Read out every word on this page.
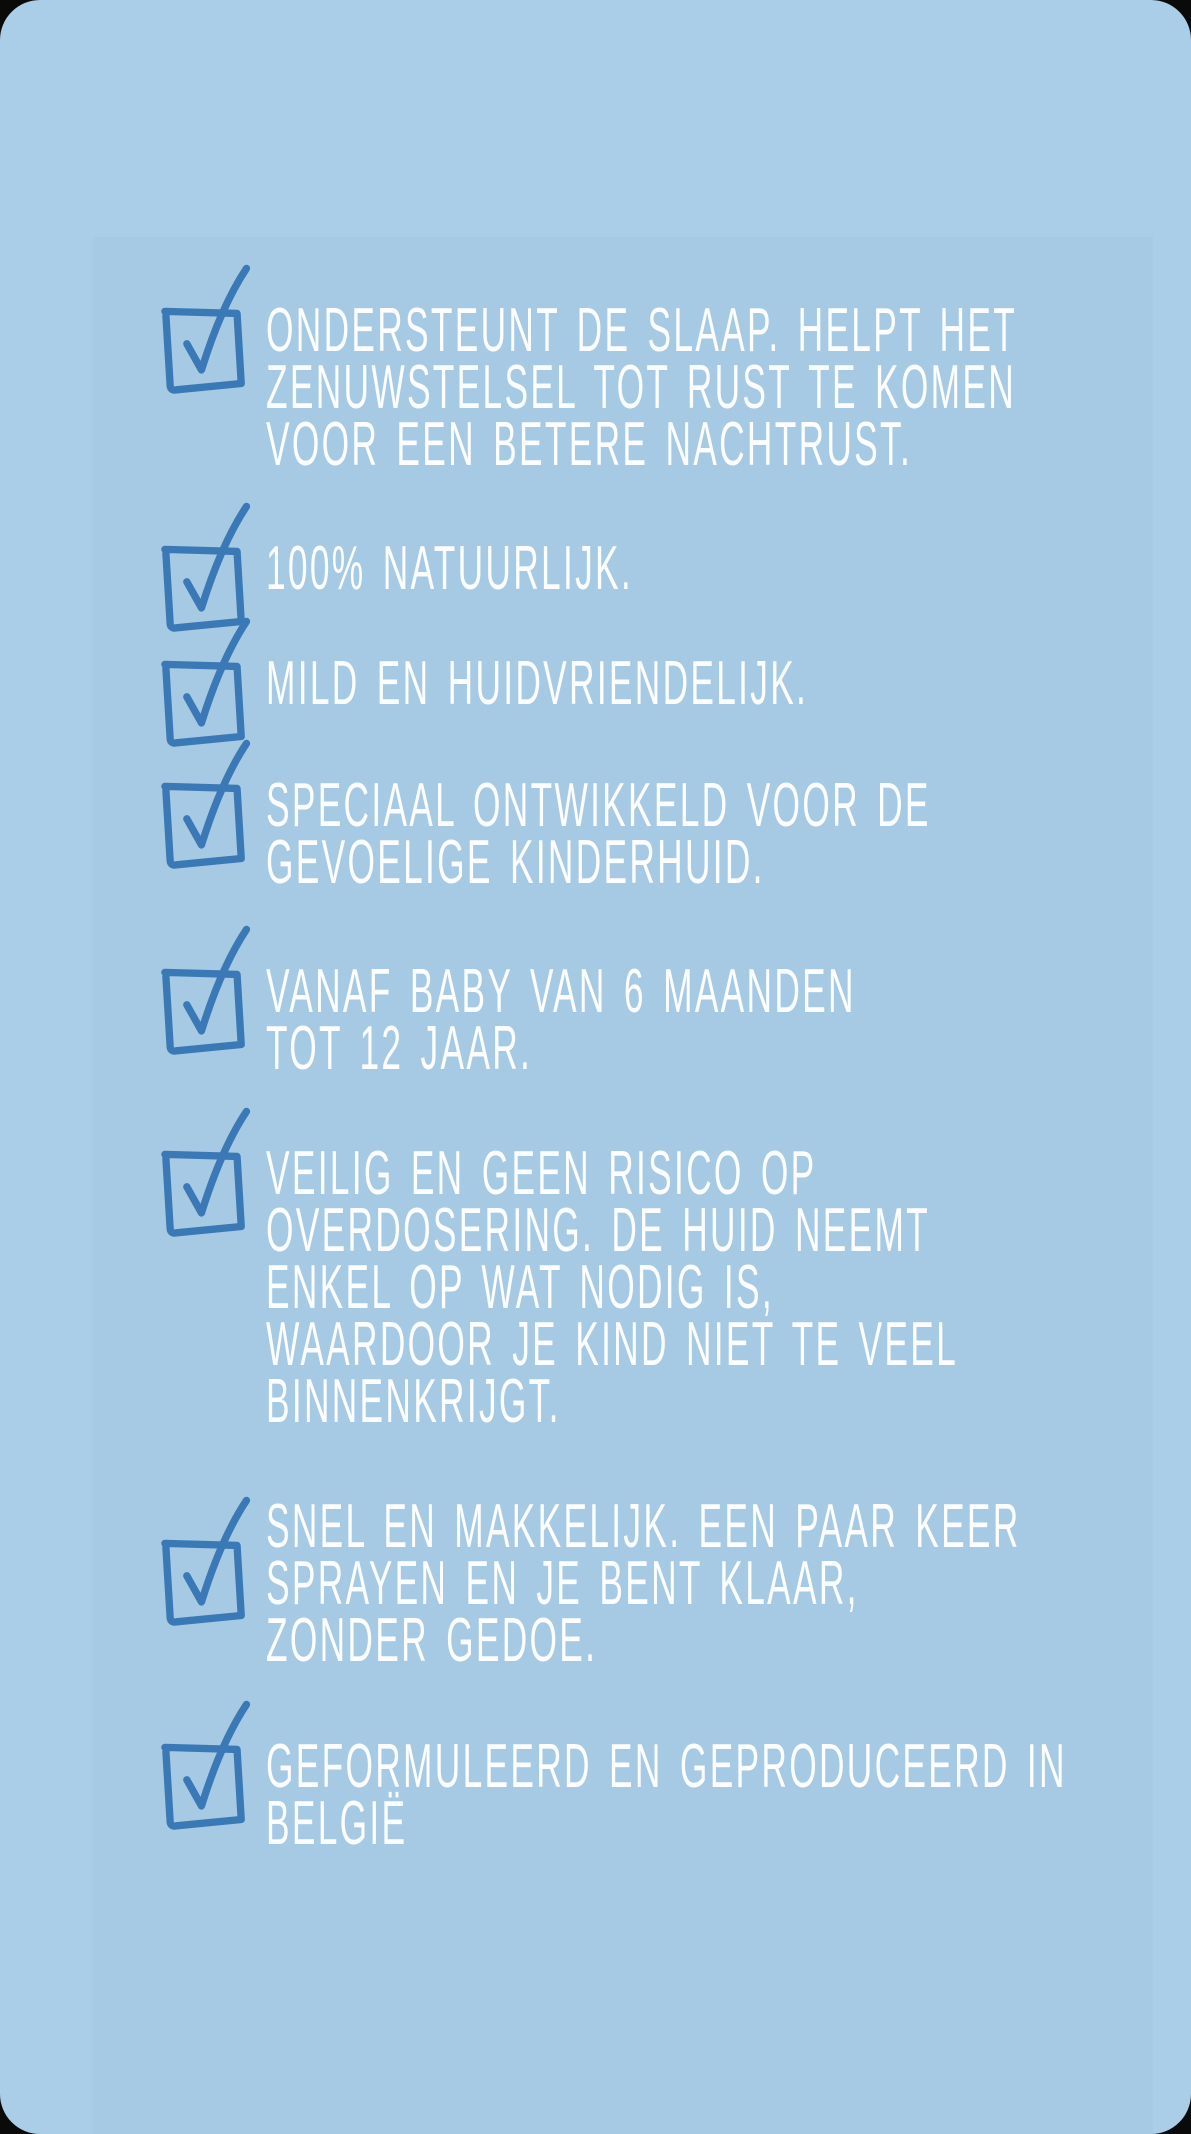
ONDERSTEUNT DE SLAAP. HELPT HET
ZENUWSTELSEL TOT RUST TE KOMEN
VOOR EEN BETERE NACHTRUST.
100% NATUURLIJK.
MILD EN HUIDVRIENDELIJK.
SPECIAAL ONTWIKKELD VOOR DE
GEVOELIGE KINDERHUID.
VANAF BABY VAN 6 MAANDEN
TOT 12 JAAR.
VEILIG EN GEEN RISICO OP
OVERDOSERING. DE HUID NEEMT
ENKEL OP WAT NODIG IS,
WAARDOOR JE KIND NIET TE VEEL
BINNENKRIJGT.
SNEL EN MAKKELIJK. EEN PAAR KEER
SPRAYEN EN JE BENT KLAAR,
ZONDER GEDOE.
GEFORMULEERD EN GEPRODUCEERD IN
BELGIË
